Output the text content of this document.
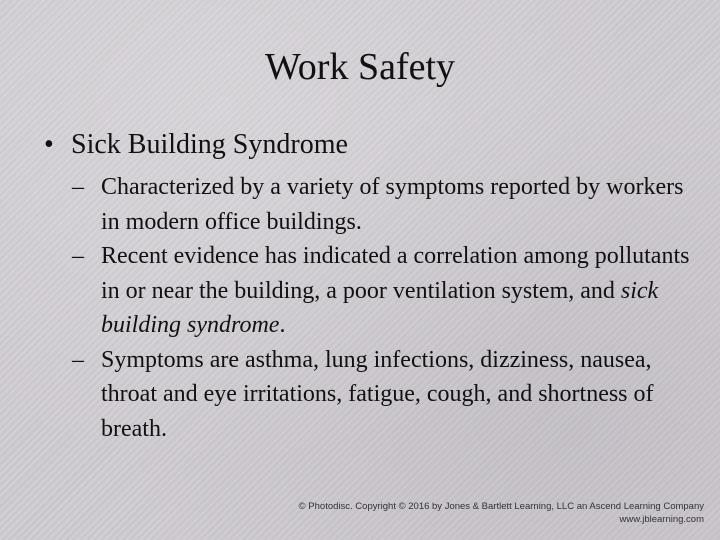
Work Safety
• Sick Building Syndrome
– Characterized by a variety of symptoms reported by workers in modern office buildings.
– Recent evidence has indicated a correlation among pollutants in or near the building, a poor ventilation system, and sick building syndrome.
– Symptoms are asthma, lung infections, dizziness, nausea, throat and eye irritations, fatigue, cough, and shortness of breath.
© Photodisc. Copyright © 2016 by Jones & Bartlett Learning, LLC an Ascend Learning Company
www.jblearning.com
